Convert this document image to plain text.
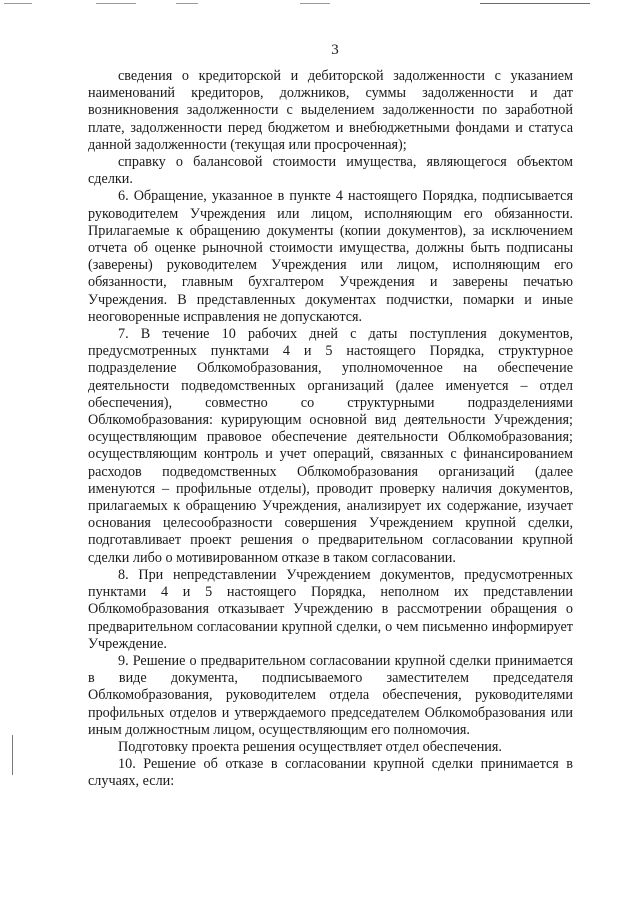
3

сведения о кредиторской и дебиторской задолженности с указанием наименований кредиторов, должников, суммы задолженности и дат возникновения задолженности с выделением задолженности по заработной плате, задолженности перед бюджетом и внебюджетными фондами и статуса данной задолженности (текущая или просроченная);

справку о балансовой стоимости имущества, являющегося объектом сделки.

6. Обращение, указанное в пункте 4 настоящего Порядка, подписывается руководителем Учреждения или лицом, исполняющим его обязанности. Прилагаемые к обращению документы (копии документов), за исключением отчета об оценке рыночной стоимости имущества, должны быть подписаны (заверены) руководителем Учреждения или лицом, исполняющим его обязанности, главным бухгалтером Учреждения и заверены печатью Учреждения. В представленных документах подчистки, помарки и иные неоговоренные исправления не допускаются.

7. В течение 10 рабочих дней с даты поступления документов, предусмотренных пунктами 4 и 5 настоящего Порядка, структурное подразделение Облкомобразования, уполномоченное на обеспечение деятельности подведомственных организаций (далее именуется – отдел обеспечения), совместно со структурными подразделениями Облкомобразования: курирующим основной вид деятельности Учреждения; осуществляющим правовое обеспечение деятельности Облкомобразования; осуществляющим контроль и учет операций, связанных с финансированием расходов подведомственных Облкомобразования организаций (далее именуются – профильные отделы), проводит проверку наличия документов, прилагаемых к обращению Учреждения, анализирует их содержание, изучает основания целесообразности совершения Учреждением крупной сделки, подготавливает проект решения о предварительном согласовании крупной сделки либо о мотивированном отказе в таком согласовании.

8. При непредставлении Учреждением документов, предусмотренных пунктами 4 и 5 настоящего Порядка, неполном их представлении Облкомобразования отказывает Учреждению в рассмотрении обращения о предварительном согласовании крупной сделки, о чем письменно информирует Учреждение.

9. Решение о предварительном согласовании крупной сделки принимается в виде документа, подписываемого заместителем председателя Облкомобразования, руководителем отдела обеспечения, руководителями профильных отделов и утверждаемого председателем Облкомобразования или иным должностным лицом, осуществляющим его полномочия.

Подготовку проекта решения осуществляет отдел обеспечения.

10. Решение об отказе в согласовании крупной сделки принимается в случаях, если:
